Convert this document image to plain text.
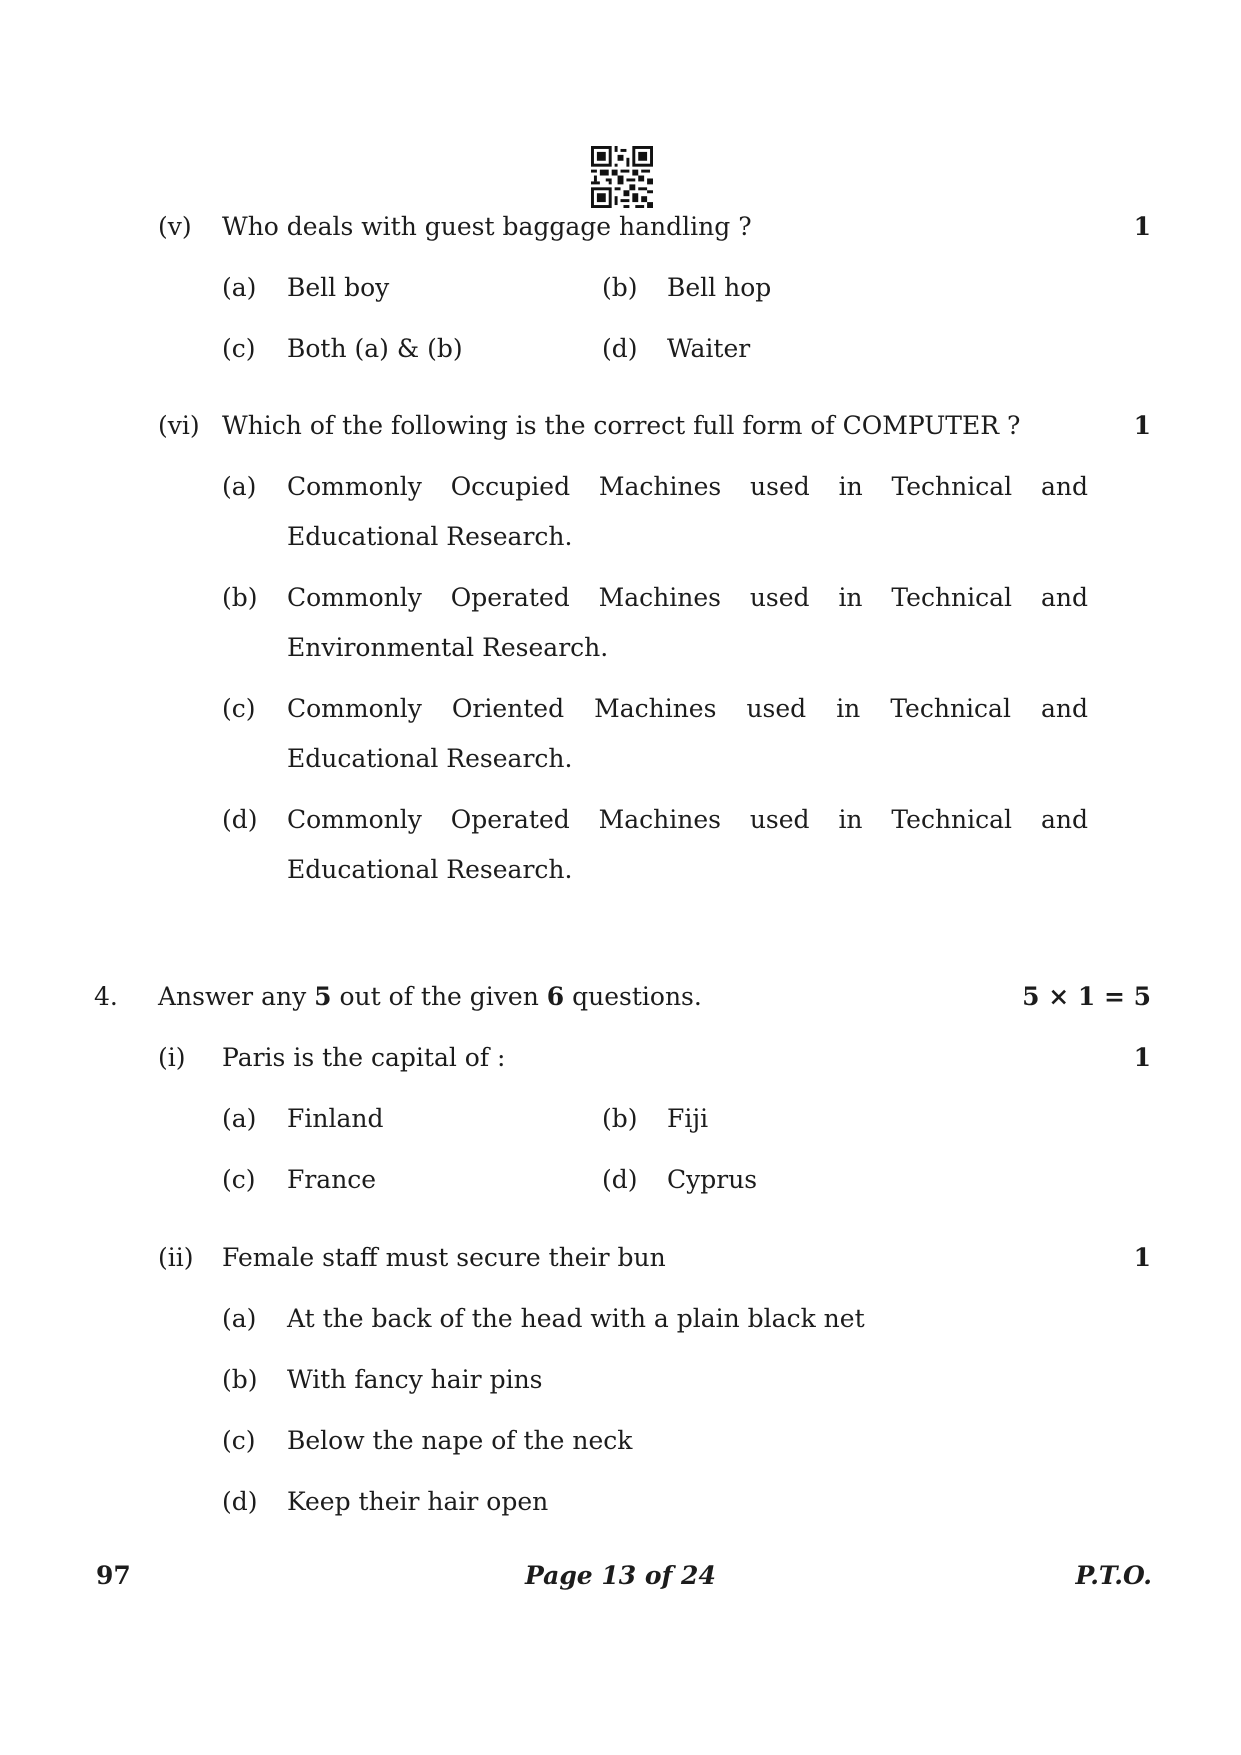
(v) Who deals with guest baggage handling ?	1
(a) Bell boy	(b) Bell hop
(c) Both (a) & (b)	(d) Waiter
(vi) Which of the following is the correct full form of COMPUTER ?	1
(a) Commonly Occupied Machines used in Technical and
Educational Research.
(b) Commonly Operated Machines used in Technical and
Environmental Research.
(c) Commonly Oriented Machines used in Technical and
Educational Research.
(d) Commonly Operated Machines used in Technical and
Educational Research.
4. Answer any 5 out of the given 6 questions.	5 × 1 = 5
(i) Paris is the capital of :	1
(a) Finland	(b) Fiji
(c) France	(d) Cyprus
(ii) Female staff must secure their bun	1
(a) At the back of the head with a plain black net
(b) With fancy hair pins
(c) Below the nape of the neck
(d) Keep their hair open
97	Page 13 of 24	P.T.O.
